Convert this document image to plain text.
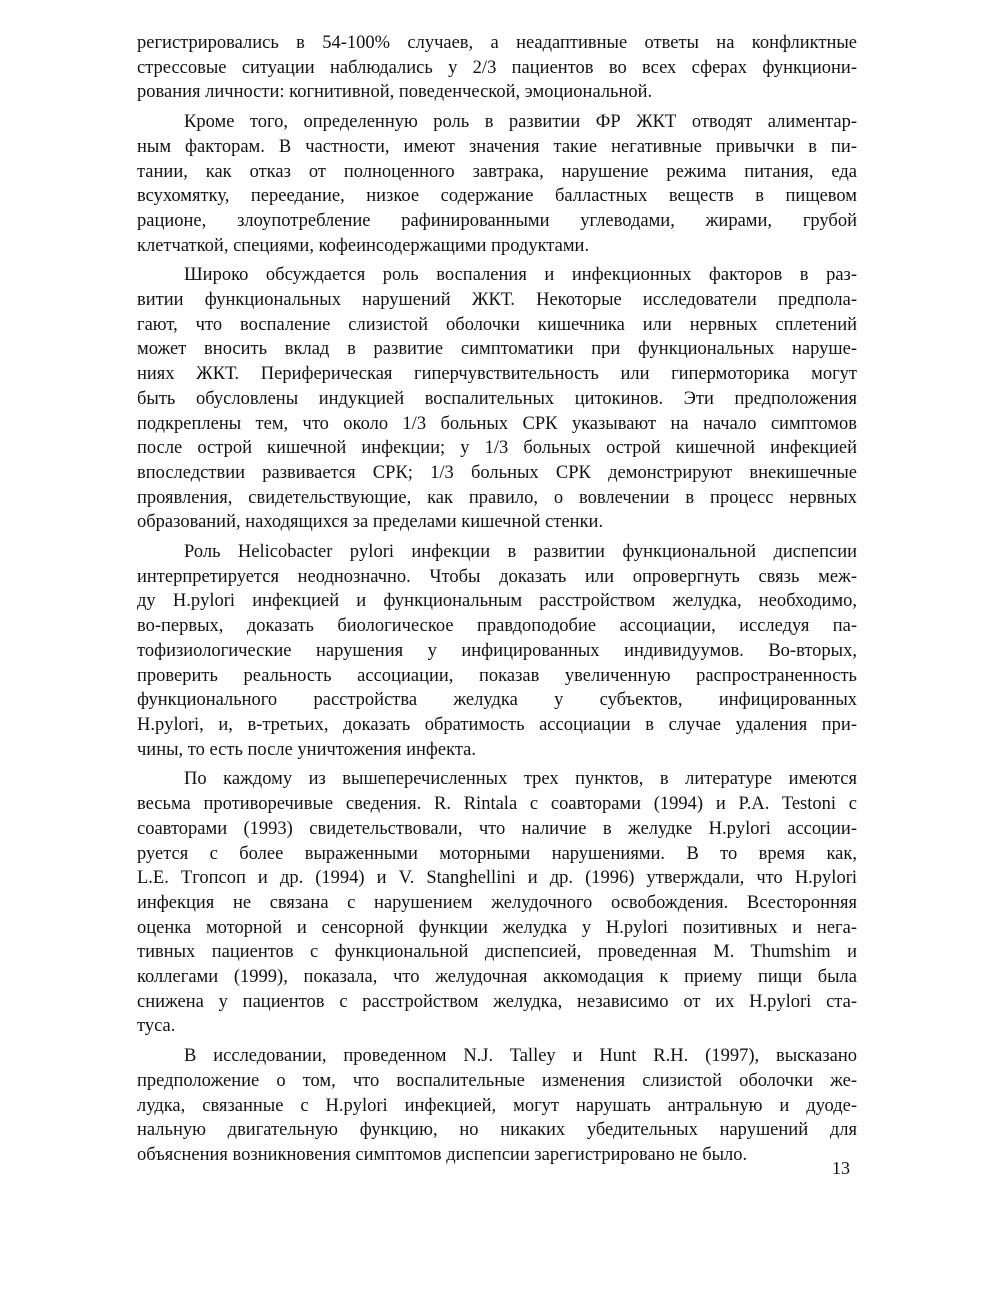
регистрировались в 54-100% случаев, а неадаптивные ответы на конфликтные
стрессовые ситуации наблюдались у 2/3 пациентов во всех сферах функциони-
рования личности: когнитивной, поведенческой, эмоциональной.
Кроме того, определенную роль в развитии ФР ЖКТ отводят алиментар-
ным факторам. В частности, имеют значения такие негативные привычки в пи-
тании, как отказ от полноценного завтрака, нарушение режима питания, еда
всухомятку, переедание, низкое содержание балластных веществ в пищевом
рационе, злоупотребление рафинированными углеводами, жирами, грубой
клетчаткой, специями, кофеинсодержащими продуктами.
Широко обсуждается роль воспаления и инфекционных факторов в раз-
витии функциональных нарушений ЖКТ. Некоторые исследователи предпола-
гают, что воспаление слизистой оболочки кишечника или нервных сплетений
может вносить вклад в развитие симптоматики при функциональных наруше-
ниях ЖКТ. Периферическая гиперчувствительность или гипермоторика могут
быть обусловлены индукцией воспалительных цитокинов. Эти предположения
подкреплены тем, что около 1/3 больных СРК указывают на начало симптомов
после острой кишечной инфекции; у 1/3 больных острой кишечной инфекцией
впоследствии развивается СРК; 1/3 больных СРК демонстрируют внекишечные
проявления, свидетельствующие, как правило, о вовлечении в процесс нервных
образований, находящихся за пределами кишечной стенки.
Роль Helicobacter pylori инфекции в развитии функциональной диспепсии
интерпретируется неоднозначно. Чтобы доказать или опровергнуть связь меж-
ду H.pylori инфекцией и функциональным расстройством желудка, необходимо,
во-первых, доказать биологическое правдоподобие ассоциации, исследуя па-
тофизиологические нарушения у инфицированных индивидуумов. Во-вторых,
проверить реальность ассоциации, показав увеличенную распространенность
функционального расстройства желудка у субъектов, инфицированных
H.pylori, и, в-третьих, доказать обратимость ассоциации в случае удаления при-
чины, то есть после уничтожения инфекта.
По каждому из вышеперечисленных трех пунктов, в литературе имеются
весьма противоречивые сведения. R. Rintala с соавторами (1994) и P.A. Testoni с
соавторами (1993) свидетельствовали, что наличие в желудке H.pylori ассоции-
руется с более выраженными моторными нарушениями. В то время как,
L.E. Тгопсоп и др. (1994) и V. Stanghellini и др. (1996) утверждали, что H.pylori
инфекция не связана с нарушением желудочного освобождения. Всесторонняя
оценка моторной и сенсорной функции желудка у H.pylori позитивных и нега-
тивных пациентов с функциональной диспепсией, проведенная M. Thumshim и
коллегами (1999), показала, что желудочная аккомодация к приему пищи была
снижена у пациентов с расстройством желудка, независимо от их H.pylori ста-
туса.
В исследовании, проведенном N.J. Talley и Hunt R.H. (1997), высказано
предположение о том, что воспалительные изменения слизистой оболочки же-
лудка, связанные с H.pylori инфекцией, могут нарушать антральную и дуоде-
нальную двигательную функцию, но никаких убедительных нарушений для
объяснения возникновения симптомов диспепсии зарегистрировано не было.
13
